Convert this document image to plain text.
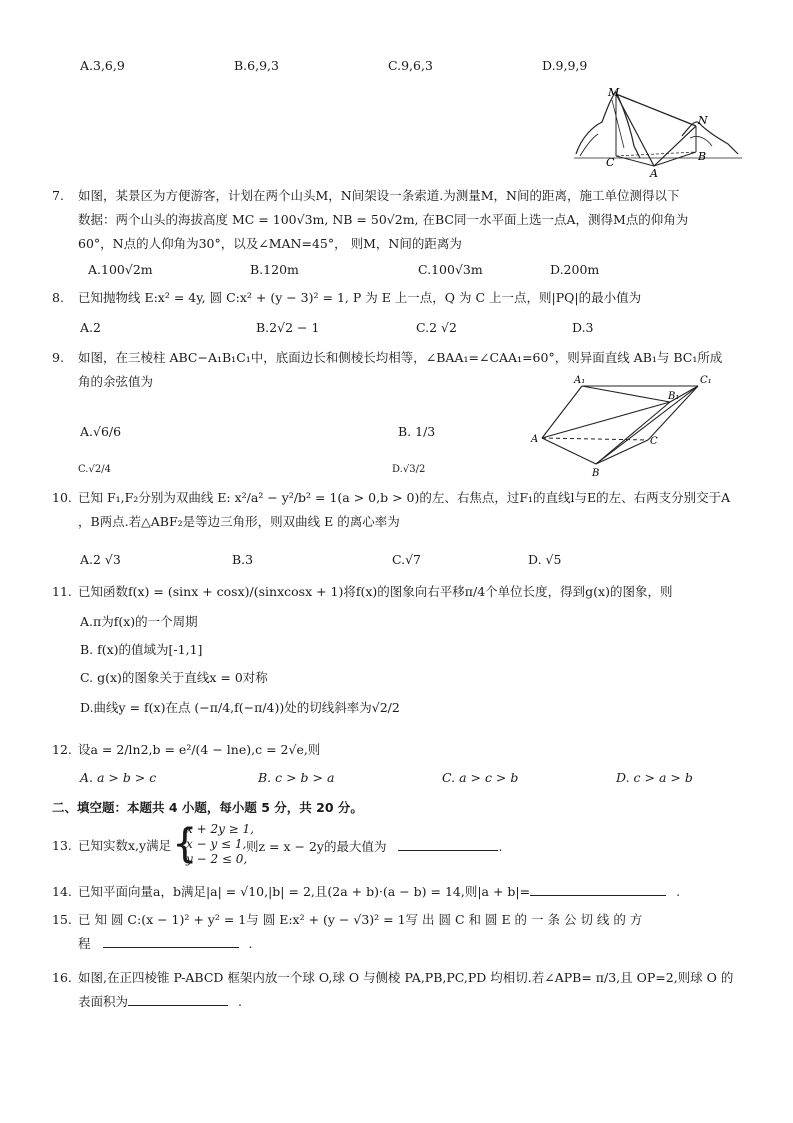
A.3,6,9	B.6,9,3	C.9,6,3	D.9,9,9
M
N
C
A
B
7. 如图，某景区为方便游客，计划在两个山头M，N间架设一条索道.为测量M，N间的距离，施工单位测得以下
数据：两个山头的海拔高度 MC = 100√3m, NB = 50√2m, 在BC同一水平面上选一点A，测得M点的仰角为
60°，N点的人仰角为30°，以及∠MAN=45°， 则M，N间的距离为
A.100√2m	B.120m	C.100√3m	D.200m
8. 已知抛物线 E:x² = 4y, 圆 C:x² + (y − 3)² = 1, P 为 E 上一点，Q 为 C 上一点，则|PQ|的最小值为
A.2	B.2√2 − 1	C.2 √2	D.3
9. 如图，在三棱柱 ABC−A₁B₁C₁中，底面边长和侧棱长均相等，∠BAA₁=∠CAA₁=60°，则异面直线 AB₁与 BC₁所成
角的余弦值为
A.√6/6	B. 1/3
C.√2/4	D.√3/2
A₁	C₁
B₁
A	C
B
10. 已知 F₁,F₂分别为双曲线 E: x²/a² − y²/b² = 1(a > 0,b > 0)的左、右焦点，过F₁的直线l与E的左、右两支分别交于A
，B两点.若△ABF₂是等边三角形，则双曲线 E 的离心率为
A.2 √3	B.3	C.√7	D. √5
11. 已知函数f(x) = (sinx + cosx)/(sinxcosx + 1)将f(x)的图象向右平移π/4个单位长度，得到g(x)的图象，则
A.π为f(x)的一个周期
B. f(x)的值域为[-1,1]
C. g(x)的图象关于直线x = 0对称
D.曲线y = f(x)在点 (−π/4,f(−π/4))处的切线斜率为√2/2
12. 设a = 2/ln2,b = e²/(4 − lne),c = 2√e,则
A. a > b > c	B. c > b > a	C. a > c > b	D. c > a > b
二、填空题：本题共 4 小题，每小题 5 分，共 20 分。
13. 已知实数x,y满足 {
x + 2y ≥ 1,
x − y ≤ 1,
y − 2 ≤ 0,
则z = x − 2y的最大值为	.
14. 已知平面向量a，b满足|a| = √10,|b| = 2,且(2a + b)·(a − b) = 14,则|a + b|=	.
15. 已 知 圆 C:(x − 1)² + y² = 1与 圆 E:x² + (y − √3)² = 1写 出 圆 C 和 圆 E 的 一 条 公 切 线 的 方
程	.
16. 如图,在正四棱锥 P-ABCD 框架内放一个球 O,球 O 与侧棱 PA,PB,PC,PD 均相切.若∠APB= π/3,且 OP=2,则球 O 的
表面积为	.
